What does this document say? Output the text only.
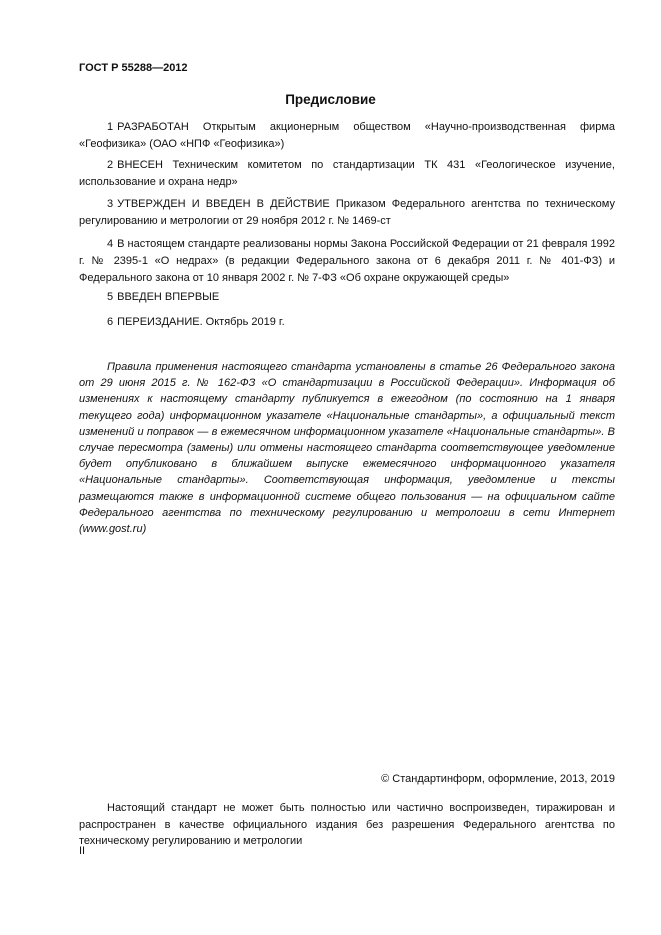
ГОСТ Р 55288—2012
Предисловие

1 РАЗРАБОТАН Открытым акционерным обществом «Научно-производственная фирма «Геофизика» (ОАО «НПФ «Геофизика»)

2 ВНЕСЕН Техническим комитетом по стандартизации ТК 431 «Геологическое изучение, использование и охрана недр»

3 УТВЕРЖДЕН И ВВЕДЕН В ДЕЙСТВИЕ Приказом Федерального агентства по техническому регулированию и метрологии от 29 ноября 2012 г. № 1469-ст

4 В настоящем стандарте реализованы нормы Закона Российской Федерации от 21 февраля 1992 г. № 2395-1 «О недрах» (в редакции Федерального закона от 6 декабря 2011 г. № 401-ФЗ) и Федерального закона от 10 января 2002 г. № 7-ФЗ «Об охране окружающей среды»

5 ВВЕДЕН ВПЕРВЫЕ

6 ПЕРЕИЗДАНИЕ. Октябрь 2019 г.

Правила применения настоящего стандарта установлены в статье 26 Федерального закона от 29 июня 2015 г. № 162-ФЗ «О стандартизации в Российской Федерации». Информация об изменениях к настоящему стандарту публикуется в ежегодном (по состоянию на 1 января текущего года) информационном указателе «Национальные стандарты», а официальный текст изменений и поправок — в ежемесячном информационном указателе «Национальные стандарты». В случае пересмотра (замены) или отмены настоящего стандарта соответствующее уведомление будет опубликовано в ближайшем выпуске ежемесячного информационного указателя «Национальные стандарты». Соответствующая информация, уведомление и тексты размещаются также в информационной системе общего пользования — на официальном сайте Федерального агентства по техническому регулированию и метрологии в сети Интернет (www.gost.ru)

© Стандартинформ, оформление, 2013, 2019

Настоящий стандарт не может быть полностью или частично воспроизведен, тиражирован и распространен в качестве официального издания без разрешения Федерального агентства по техническому регулированию и метрологии

II
